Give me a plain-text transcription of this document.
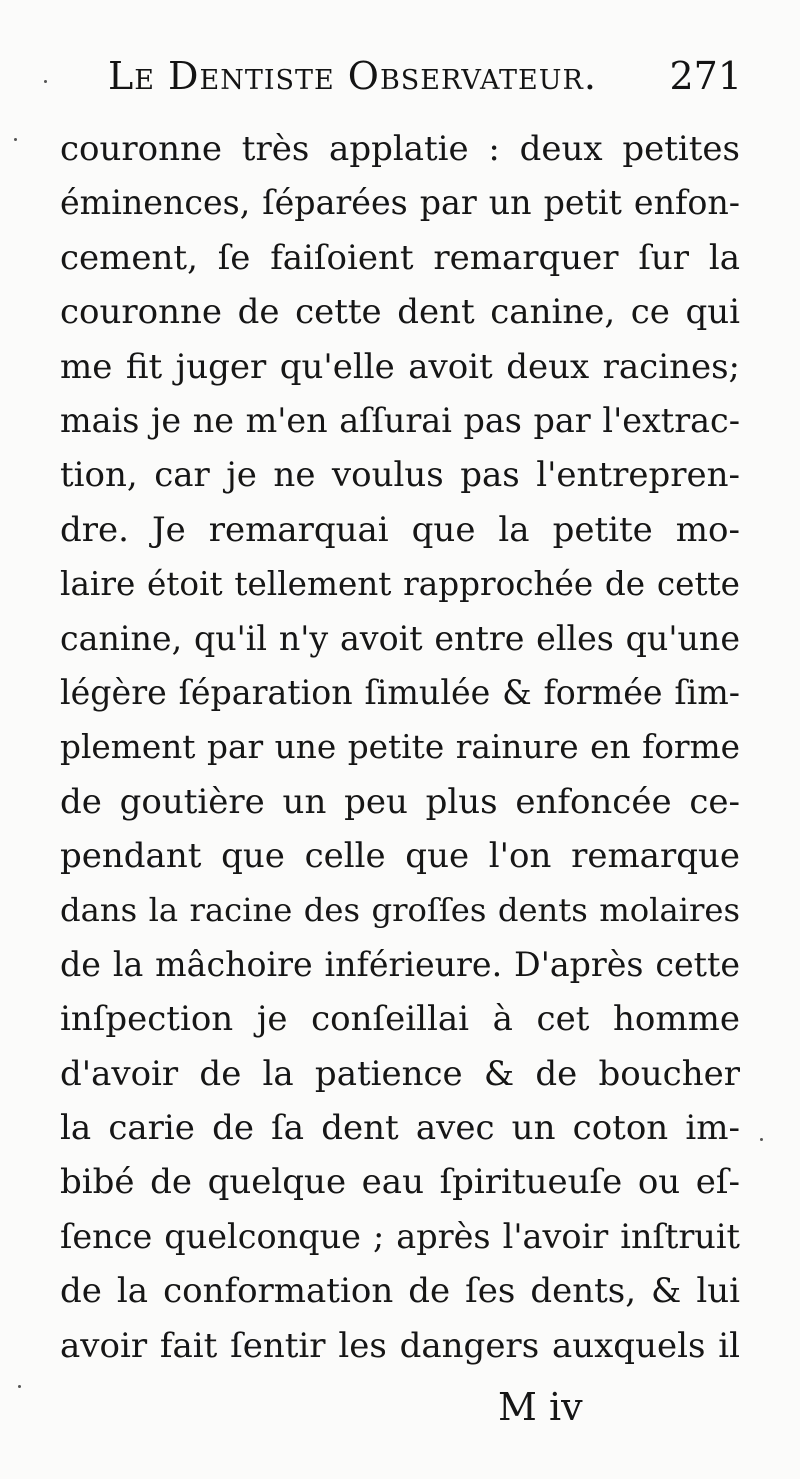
Le Dentiste Observateur. 271
couronne très applatie : deux petites
éminences, ſéparées par un petit enfon-
cement, ſe faiſoient remarquer ſur la
couronne de cette dent canine, ce qui
me fit juger qu'elle avoit deux racines;
mais je ne m'en aſſurai pas par l'extrac-
tion, car je ne voulus pas l'entrepren-
dre. Je remarquai que la petite mo-
laire étoit tellement rapprochée de cette
canine, qu'il n'y avoit entre elles qu'une
légère ſéparation ſimulée & formée ſim-
plement par une petite rainure en forme
de goutière un peu plus enfoncée ce-
pendant que celle que l'on remarque
dans la racine des groſſes dents molaires
de la mâchoire inférieure. D'après cette
inſpection je conſeillai à cet homme
d'avoir de la patience & de boucher
la carie de ſa dent avec un coton im-
bibé de quelque eau ſpiritueuſe ou eſ-
ſence quelconque ; après l'avoir inſtruit
de la conformation de ſes dents, & lui
avoir fait ſentir les dangers auxquels il
M iv
